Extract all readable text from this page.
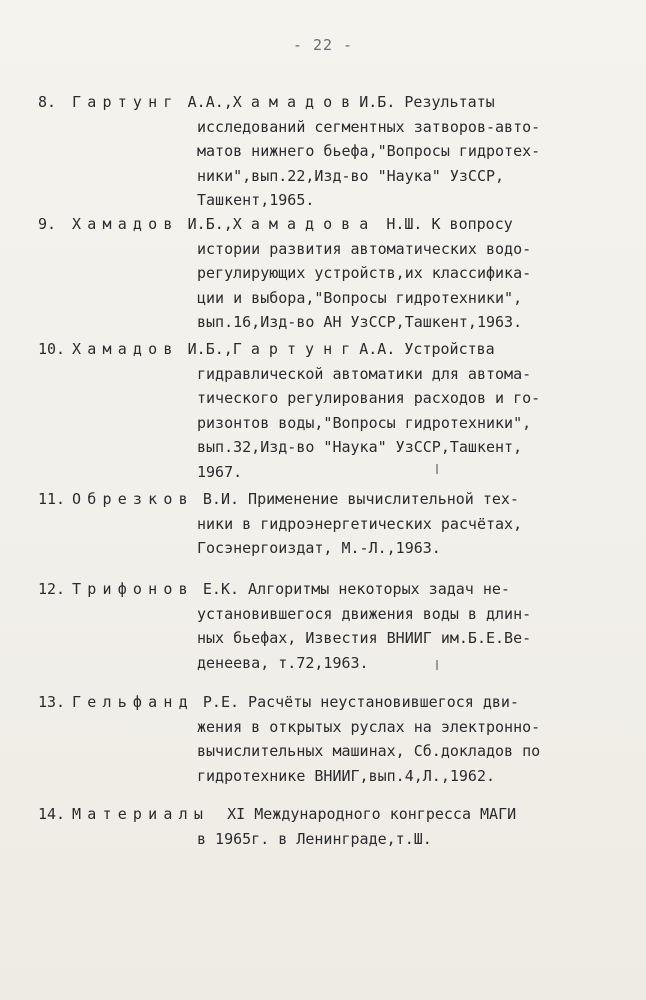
- 22 -
8. Гартунг А.А.,Х а м а д о в И.Б. Результаты
исследований сегментных затворов-авто-
матов нижнего бьефа,"Вопросы гидротех-
ники",вып.22,Изд-во "Наука" УзССР,
Ташкент,1965.
9. Хамадов И.Б.,Х а м а д о в а  Н.Ш. К вопросу
истории развития автоматических водо-
регулирующих устройств,их классифика-
ции и выбора,"Вопросы гидротехники",
вып.16,Изд-во АН УзССР,Ташкент,1963.
10. Хамадов И.Б.,Г а р т у н г А.А. Устройства
гидравлической автоматики для автома-
тического регулирования расходов и го-
ризонтов воды,"Вопросы гидротехники",
вып.32,Изд-во "Наука" УзССР,Ташкент,
1967.
11. Обрезков В.И. Применение вычислительной тех-
ники в гидроэнергетических расчётах,
Госэнергоиздат, М.-Л.,1963.
12. Трифонов Е.К. Алгоритмы некоторых задач не-
установившегося движения воды в длин-
ных бьефах, Известия ВНИИГ им.Б.Е.Ве-
денеева, т.72,1963.
13. Гельфанд Р.Е. Расчёты неустановившегося дви-
жения в открытых руслах на электронно-
вычислительных машинах, Сб.докладов по
гидротехнике ВНИИГ,вып.4,Л.,1962.
14. Материалы  XI Международного конгресса МАГИ
в 1965г. в Ленинграде,т.Ш.
